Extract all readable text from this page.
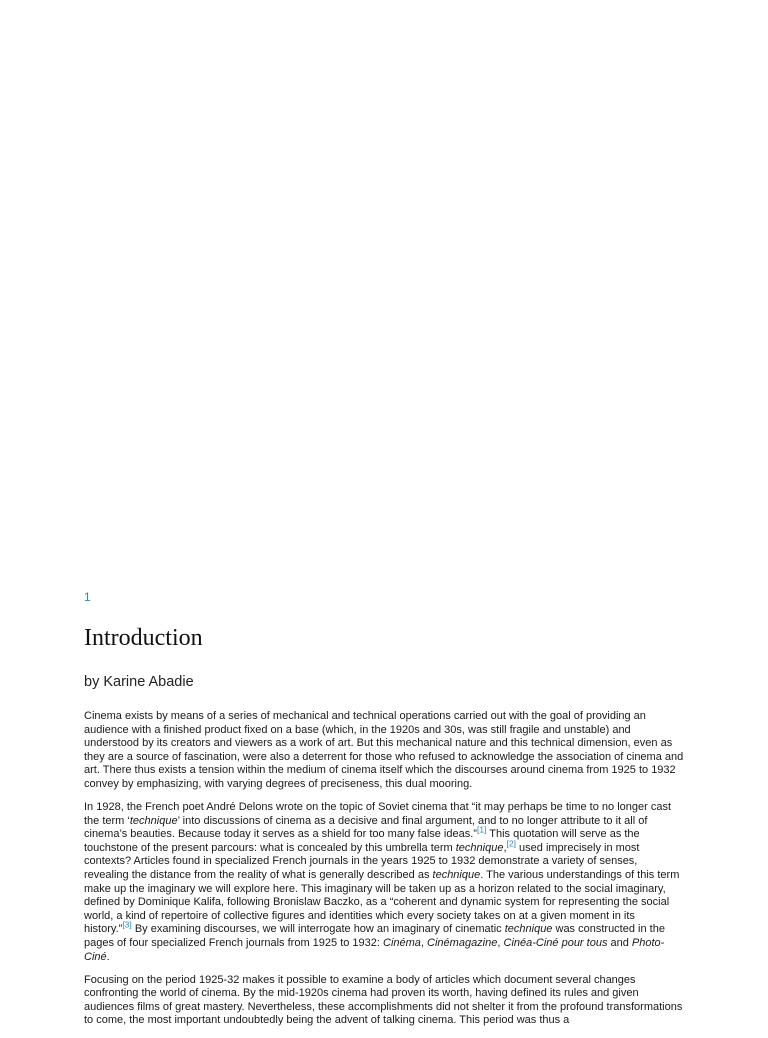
1
Introduction

by Karine Abadie

Cinema exists by means of a series of mechanical and technical operations carried out with the goal of providing an audience with a finished product fixed on a base (which, in the 1920s and 30s, was still fragile and unstable) and understood by its creators and viewers as a work of art. But this mechanical nature and this technical dimension, even as they are a source of fascination, were also a deterrent for those who refused to acknowledge the association of cinema and art. There thus exists a tension within the medium of cinema itself which the discourses around cinema from 1925 to 1932 convey by emphasizing, with varying degrees of preciseness, this dual mooring.

In 1928, the French poet André Delons wrote on the topic of Soviet cinema that “it may perhaps be time to no longer cast the term ‘technique’ into discussions of cinema as a decisive and final argument, and to no longer attribute to it all of cinema’s beauties. Because today it serves as a shield for too many false ideas.”[1] This quotation will serve as the touchstone of the present parcours: what is concealed by this umbrella term technique,[2] used imprecisely in most contexts? Articles found in specialized French journals in the years 1925 to 1932 demonstrate a variety of senses, revealing the distance from the reality of what is generally described as technique. The various understandings of this term make up the imaginary we will explore here. This imaginary will be taken up as a horizon related to the social imaginary, defined by Dominique Kalifa, following Bronislaw Baczko, as a “coherent and dynamic system for representing the social world, a kind of repertoire of collective figures and identities which every society takes on at a given moment in its history.”[3] By examining discourses, we will interrogate how an imaginary of cinematic technique was constructed in the pages of four specialized French journals from 1925 to 1932: Cinéma, Cinémagazine, Cinéa-Ciné pour tous and Photo-Ciné.

Focusing on the period 1925-32 makes it possible to examine a body of articles which document several changes confronting the world of cinema. By the mid-1920s cinema had proven its worth, having defined its rules and given audiences films of great mastery. Nevertheless, these accomplishments did not shelter it from the profound transformations to come, the most important undoubtedly being the advent of talking cinema. This period was thus a
